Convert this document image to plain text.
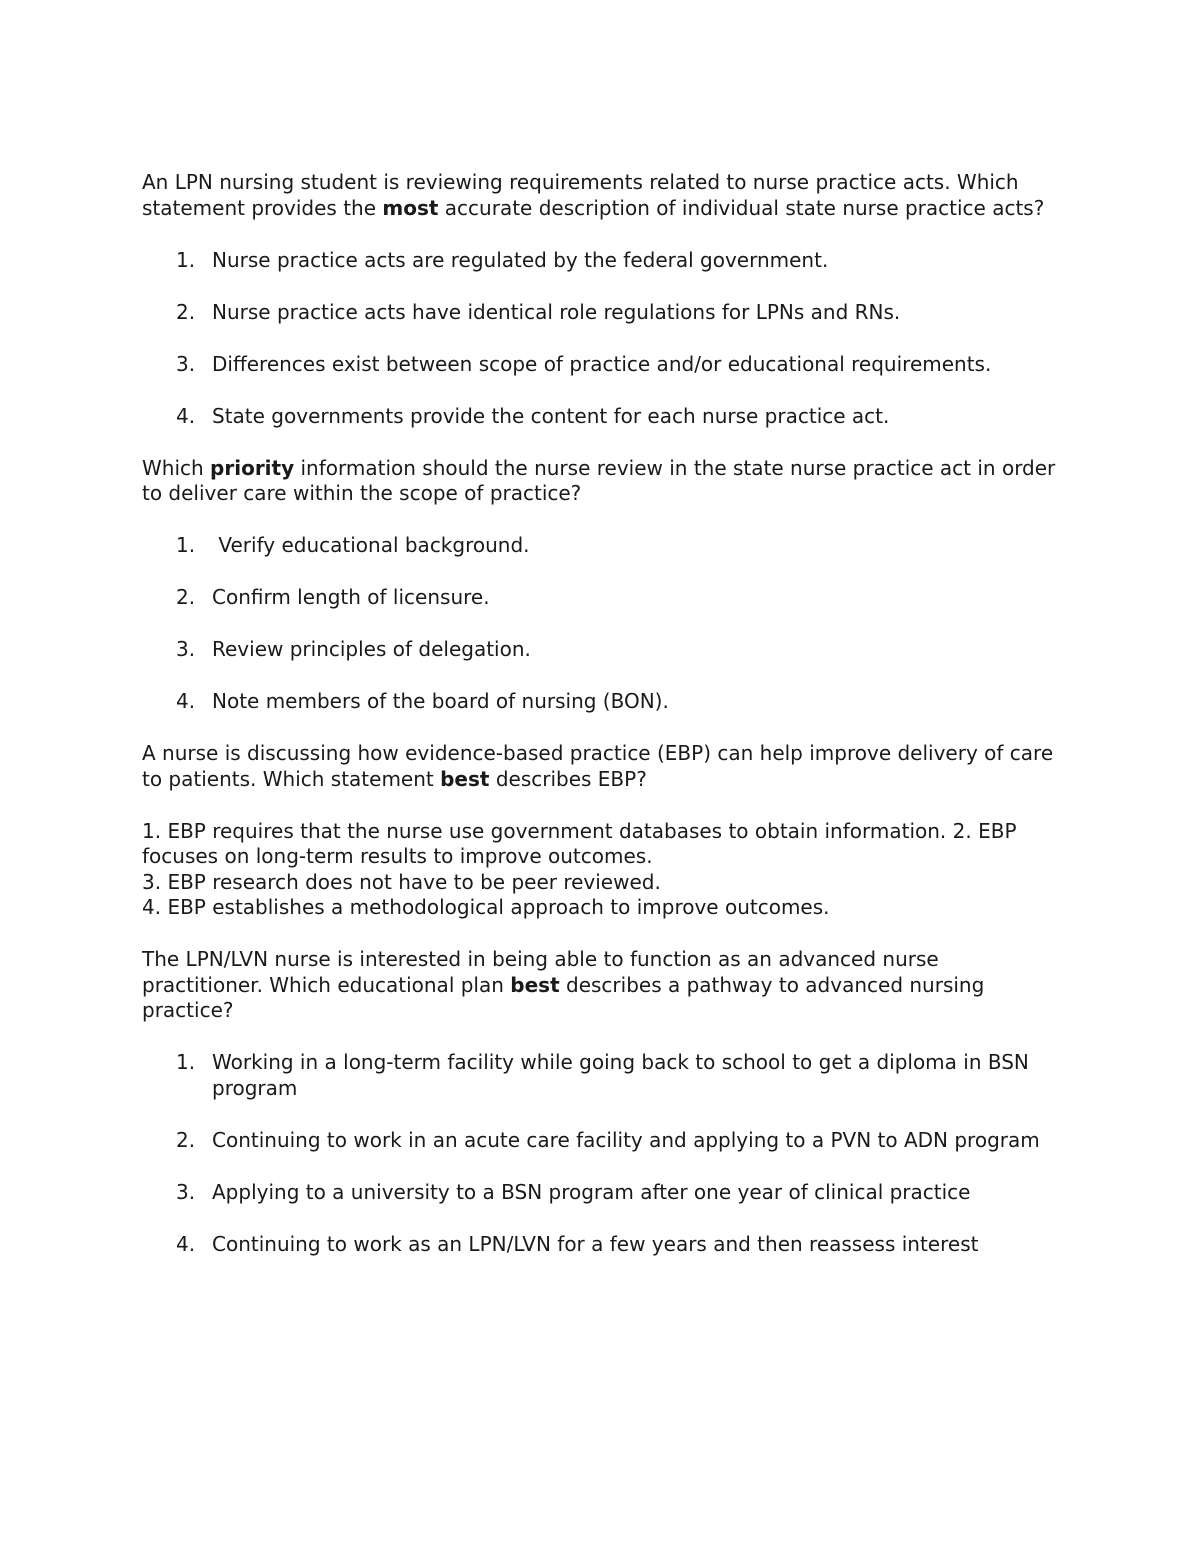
An LPN nursing student is reviewing requirements related to nurse practice acts. Which statement provides the most accurate description of individual state nurse practice acts?

1. Nurse practice acts are regulated by the federal government.
2. Nurse practice acts have identical role regulations for LPNs and RNs.
3. Differences exist between scope of practice and/or educational requirements.
4. State governments provide the content for each nurse practice act.

Which priority information should the nurse review in the state nurse practice act in order to deliver care within the scope of practice?

1. Verify educational background.
2. Confirm length of licensure.
3. Review principles of delegation.
4. Note members of the board of nursing (BON).

A nurse is discussing how evidence-based practice (EBP) can help improve delivery of care to patients. Which statement best describes EBP?

1. EBP requires that the nurse use government databases to obtain information. 2. EBP focuses on long-term results to improve outcomes.

3. EBP research does not have to be peer reviewed.

4. EBP establishes a methodological approach to improve outcomes.

The LPN/LVN nurse is interested in being able to function as an advanced nurse practitioner. Which educational plan best describes a pathway to advanced nursing practice?

1. Working in a long-term facility while going back to school to get a diploma in BSN program
2. Continuing to work in an acute care facility and applying to a PVN to ADN program
3. Applying to a university to a BSN program after one year of clinical practice
4. Continuing to work as an LPN/LVN for a few years and then reassess interest
